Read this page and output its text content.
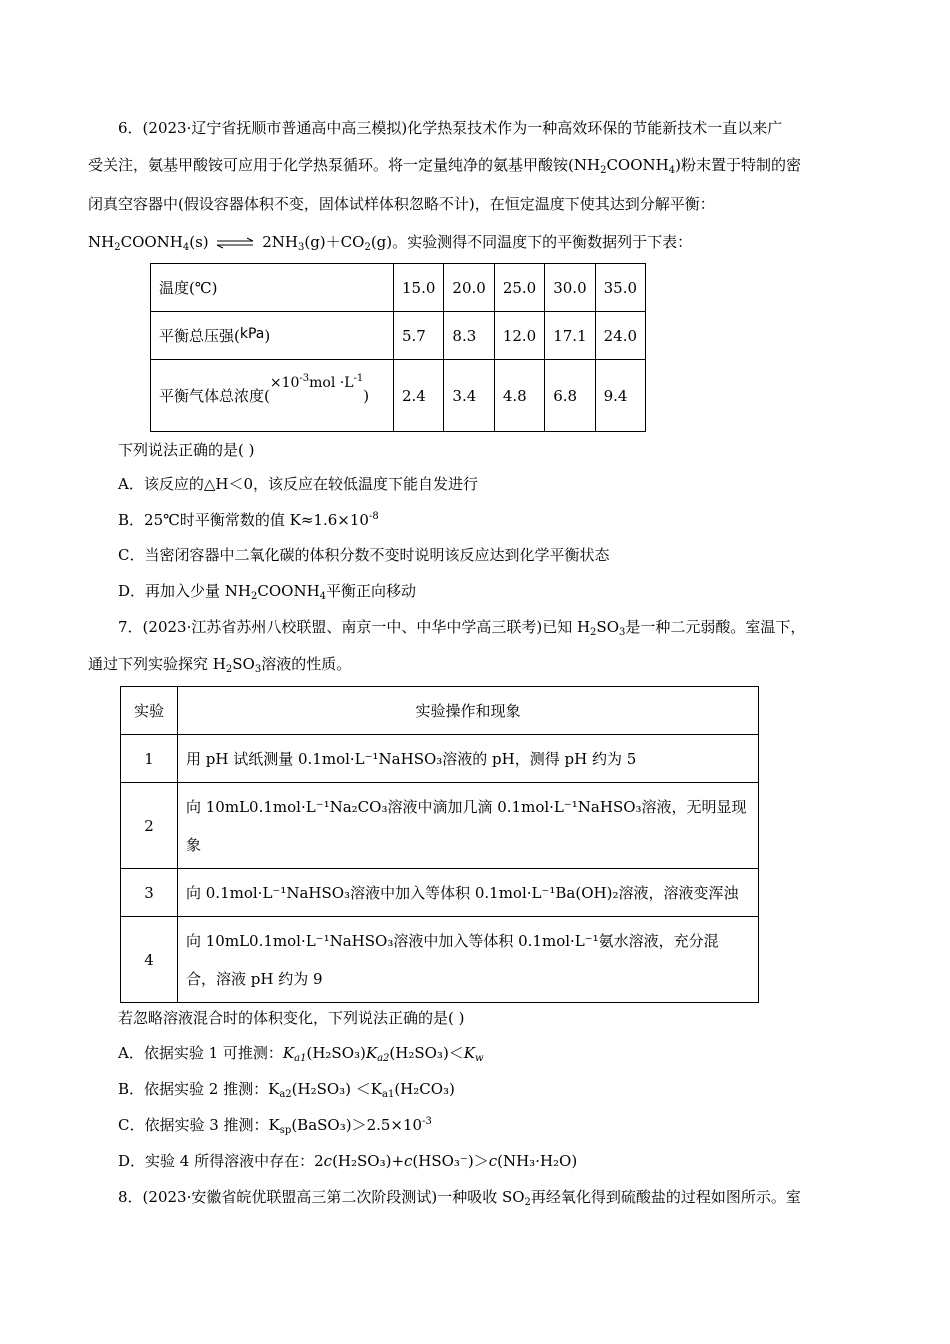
6．(2023·辽宁省抚顺市普通高中高三模拟)化学热泵技术作为一种高效环保的节能新技术一直以来广
受关注，氨基甲酸铵可应用于化学热泵循环。将一定量纯净的氨基甲酸铵$(NH_2COONH_4)$粉末置于特制的密
闭真空容器中(假设容器体积不变，固体试样体积忽略不计)，在恒定温度下使其达到分解平衡：
$NH_2COONH_4(s)$ ⇌ $2NH_3(g)+CO_2(g)$。实验测得不同温度下的平衡数据列于下表：
温度(℃)	15.0	20.0	25.0	30.0	35.0
平衡总压强(kPa)	5.7	8.3	12.0	17.1	24.0
平衡气体总浓度$(\times 10^{-3}mol \cdot L^{-1})$	2.4	3.4	4.8	6.8	9.4
下列说法正确的是( )
A．该反应的△H＜0，该反应在较低温度下能自发进行
B．25℃时平衡常数的值 $K\approx 1.6\times 10^{-8}$
C．当密闭容器中二氧化碳的体积分数不变时说明该反应达到化学平衡状态
D．再加入少量 $NH_2COONH_4$平衡正向移动
7．(2023·江苏省苏州八校联盟、南京一中、中华中学高三联考)已知 $H_2SO_3$是一种二元弱酸。室温下，
通过下列实验探究 $H_2SO_3$溶液的性质。
实验	实验操作和现象
1	用 pH 试纸测量 0.1mol·L⁻¹NaHSO₃溶液的 pH，测得 pH 约为 5
2	向 10mL0.1mol·L⁻¹Na₂CO₃溶液中滴加几滴 0.1mol·L⁻¹NaHSO₃溶液，无明显现
象

3	向 0.1mol·L⁻¹NaHSO₃溶液中加入等体积 0.1mol·L⁻¹Ba(OH)₂溶液，溶液变浑浊
4	向 10mL0.1mol·L⁻¹NaHSO₃溶液中加入等体积 0.1mol·L⁻¹氨水溶液，充分混
合，溶液 pH 约为 9
若忽略溶液混合时的体积变化，下列说法正确的是( )
A．依据实验 1 可推测：$K_{a1}(H_2SO_3)K_{a2}(H_2SO_3)<K_w$
B．依据实验 2 推测：$K_{a2}(H_2SO_3) <K_{a1}(H_2CO_3)$
C．依据实验 3 推测：$K_{sp}(BaSO_3)>2.5\times 10^{-3}$
D．实验 4 所得溶液中存在：2c(H₂SO₃)+c(HSO₃⁻)＞c(NH₃·H₂O)
8．(2023·安徽省皖优联盟高三第二次阶段测试)一种吸收 $SO_2$再经氧化得到硫酸盐的过程如图所示。室
